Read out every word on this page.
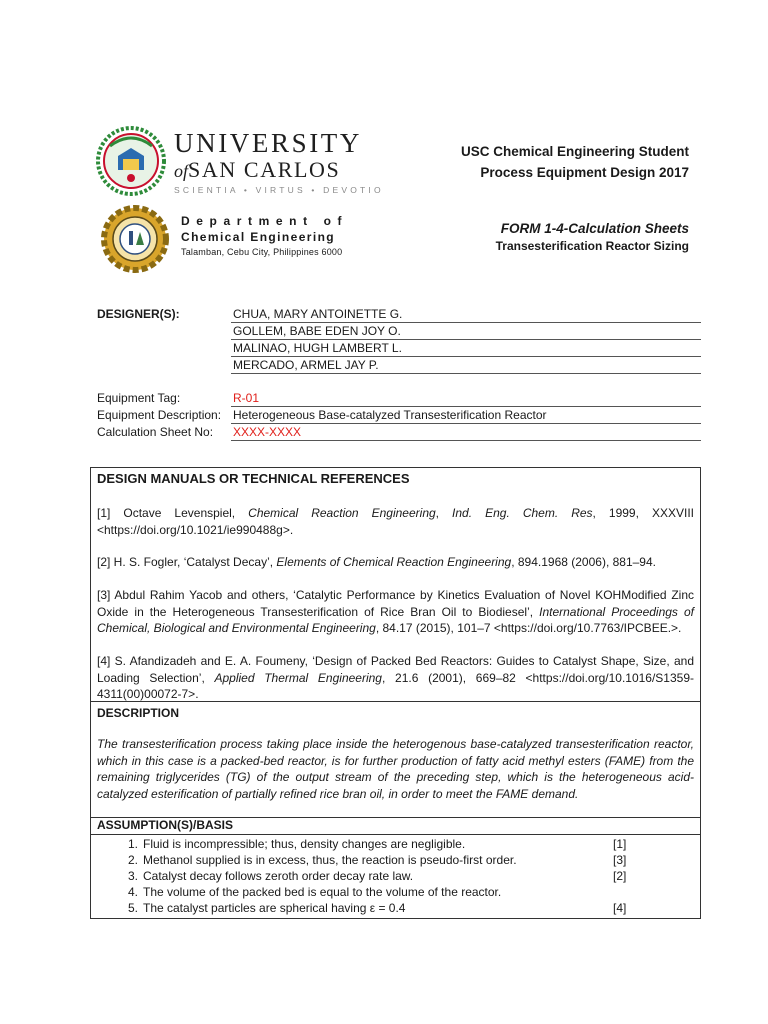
UNIVERSITY
ofSAN CARLOS
SCIENTIA • VIRTUS • DEVOTIO
Department of
Chemical Engineering
Talamban, Cebu City, Philippines 6000
USC Chemical Engineering Student
Process Equipment Design 2017
FORM 1-4-Calculation Sheets
Transesterification Reactor Sizing
DESIGNER(S):	CHUA, MARY ANTOINETTE G.
GOLLEM, BABE EDEN JOY O.
MALINAO, HUGH LAMBERT L.
MERCADO, ARMEL JAY P.
Equipment Tag:	R-01
Equipment Description: Heterogeneous Base-catalyzed Transesterification Reactor
Calculation Sheet No: XXXX-XXXX
DESIGN MANUALS OR TECHNICAL REFERENCES
[1] Octave Levenspiel, Chemical Reaction Engineering, Ind. Eng. Chem. Res, 1999, XXXVIII <https://doi.org/10.1021/ie990488g>.
[2] H. S. Fogler, ‘Catalyst Decay’, Elements of Chemical Reaction Engineering, 894.1968 (2006), 881–94.
[3] Abdul Rahim Yacob and others, ‘Catalytic Performance by Kinetics Evaluation of Novel KOHModified Zinc Oxide in the Heterogeneous Transesterification of Rice Bran Oil to Biodiesel’, International Proceedings of Chemical, Biological and Environmental Engineering, 84.17 (2015), 101–7 <https://doi.org/10.7763/IPCBEE.>.
[4] S. Afandizadeh and E. A. Foumeny, ‘Design of Packed Bed Reactors: Guides to Catalyst Shape, Size, and Loading Selection’, Applied Thermal Engineering, 21.6 (2001), 669–82 <https://doi.org/10.1016/S1359-4311(00)00072-7>.
DESCRIPTION
The transesterification process taking place inside the heterogenous base-catalyzed transesterification reactor, which in this case is a packed-bed reactor, is for further production of fatty acid methyl esters (FAME) from the remaining triglycerides (TG) of the output stream of the preceding step, which is the heterogeneous acid-catalyzed esterification of partially refined rice bran oil, in order to meet the FAME demand.
ASSUMPTION(S)/BASIS
1. Fluid is incompressible; thus, density changes are negligible.	[1]
2. Methanol supplied is in excess, thus, the reaction is pseudo-first order.	[3]
3. Catalyst decay follows zeroth order decay rate law.	[2]
4. The volume of the packed bed is equal to the volume of the reactor.
5. The catalyst particles are spherical having ε = 0.4	[4]
